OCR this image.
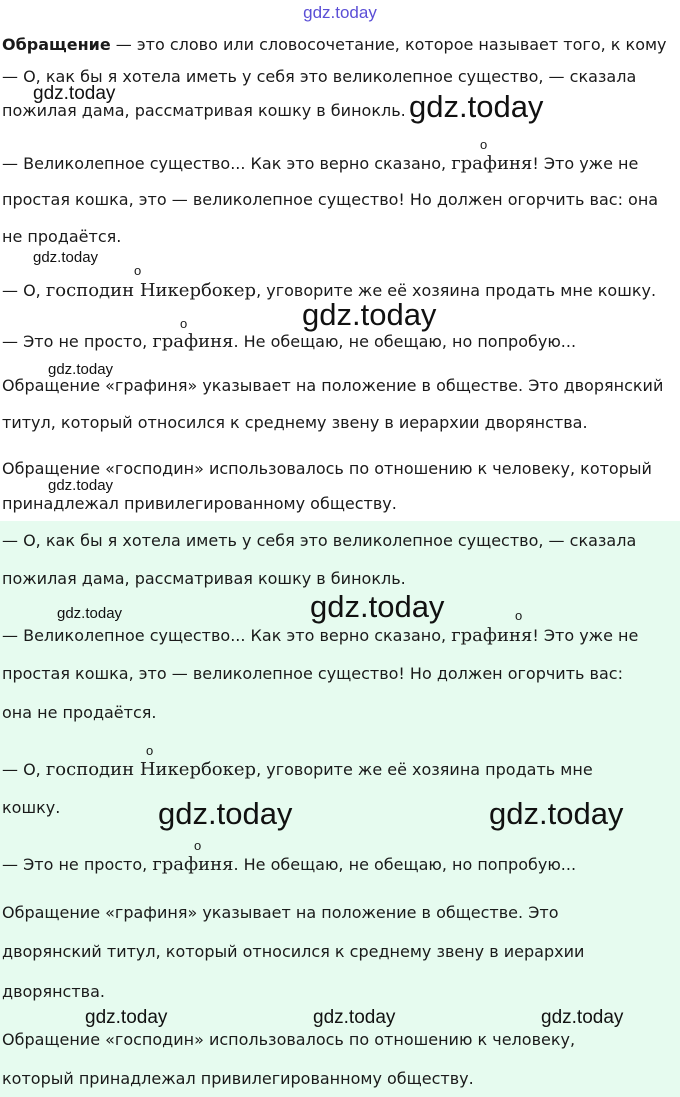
gdz.today
Обращение — это слово или словосочетание, которое называет того, к кому
— О, как бы я хотела иметь у себя это великолепное существо, — сказала
пожилая дама, рассматривая кошку в бинокль.
— Великолепное существо... Как это верно сказано, графиня! Это уже не
простая кошка, это — великолепное существо! Но должен огорчить вас: она
не продаётся.
— О, господин Никербокер, уговорите же её хозяина продать мне кошку.
— Это не просто, графиня. Не обещаю, не обещаю, но попробую...
Обращение «графиня» указывает на положение в обществе. Это дворянский
титул, который относился к среднему звену в иерархии дворянства.
Обращение «господин» использовалось по отношению к человеку, который
принадлежал привилегированному обществу.
o
o
o
gdz.today	gdz.today
gdz.today
gdz.today
gdz.today
gdz.today
— О, как бы я хотела иметь у себя это великолепное существо, — сказала
пожилая дама, рассматривая кошку в бинокль.
— Великолепное существо... Как это верно сказано, графиня! Это уже не
простая кошка, это — великолепное существо! Но должен огорчить вас:
она не продаётся.
— О, господин Никербокер, уговорите же её хозяина продать мне
кошку.
— Это не просто, графиня. Не обещаю, не обещаю, но попробую...
Обращение «графиня» указывает на положение в обществе. Это
дворянский титул, который относился к среднему звену в иерархии
дворянства.
Обращение «господин» использовалось по отношению к человеку,
который принадлежал привилегированному обществу.
o
o
o
gdz.today	gdz.today
gdz.today	gdz.today
gdz.today	gdz.today	gdz.today
